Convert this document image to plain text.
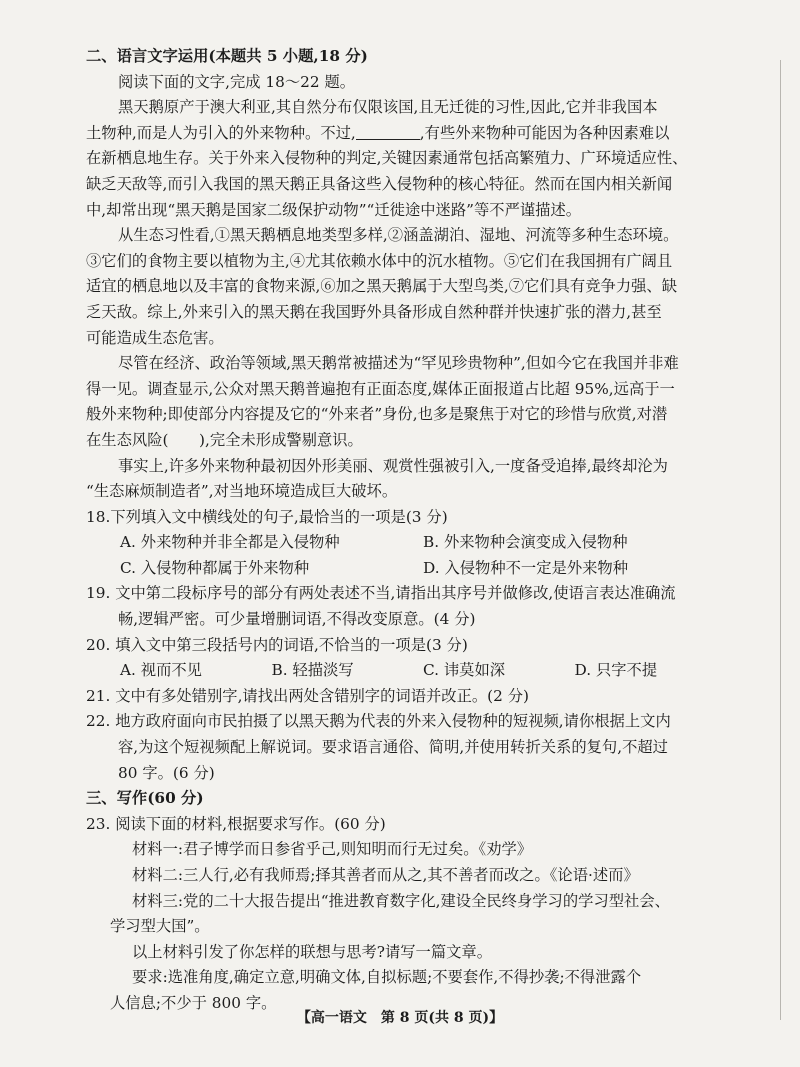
二、语言文字运用(本题共 5 小题,18 分)
阅读下面的文字,完成 18～22 题。
黑天鹅原产于澳大利亚,其自然分布仅限该国,且无迁徙的习性,因此,它并非我国本
土物种,而是人为引入的外来物种。不过,	,有些外来物种可能因为各种因素难以
在新栖息地生存。关于外来入侵物种的判定,关键因素通常包括高繁殖力、广环境适应性、
缺乏天敌等,而引入我国的黑天鹅正具备这些入侵物种的核心特征。然而在国内相关新闻
中,却常出现“黑天鹅是国家二级保护动物”“迁徙途中迷路”等不严谨描述。
从生态习性看,①黑天鹅栖息地类型多样,②涵盖湖泊、湿地、河流等多种生态环境。
③它们的食物主要以植物为主,④尤其依赖水体中的沉水植物。⑤它们在我国拥有广阔且
适宜的栖息地以及丰富的食物来源,⑥加之黑天鹅属于大型鸟类,⑦它们具有竞争力强、缺
乏天敌。综上,外来引入的黑天鹅在我国野外具备形成自然种群并快速扩张的潜力,甚至
可能造成生态危害。
尽管在经济、政治等领域,黑天鹅常被描述为“罕见珍贵物种”,但如今它在我国并非难
得一见。调查显示,公众对黑天鹅普遍抱有正面态度,媒体正面报道占比超 95%,远高于一
般外来物种;即使部分内容提及它的“外来者”身份,也多是聚焦于对它的珍惜与欣赏,对潜
在生态风险(　　),完全未形成警剔意识。
事实上,许多外来物种最初因外形美丽、观赏性强被引入,一度备受追捧,最终却沦为
“生态麻烦制造者”,对当地环境造成巨大破坏。
18.下列填入文中横线处的句子,最恰当的一项是(3 分)
A. 外来物种并非全都是入侵物种	B. 外来物种会演变成入侵物种
C. 入侵物种都属于外来物种	D. 入侵物种不一定是外来物种
19. 文中第二段标序号的部分有两处表述不当,请指出其序号并做修改,使语言表达准确流
畅,逻辑严密。可少量增删词语,不得改变原意。(4 分)
20. 填入文中第三段括号内的词语,不恰当的一项是(3 分)
A. 视而不见	B. 轻描淡写	C. 讳莫如深	D. 只字不提
21. 文中有多处错别字,请找出两处含错别字的词语并改正。(2 分)
22. 地方政府面向市民拍摄了以黑天鹅为代表的外来入侵物种的短视频,请你根据上文内
容,为这个短视频配上解说词。要求语言通俗、简明,并使用转折关系的复句,不超过
80 字。(6 分)
三、写作(60 分)
23. 阅读下面的材料,根据要求写作。(60 分)
材料一:君子博学而日参省乎己,则知明而行无过矣。《劝学》
材料二:三人行,必有我师焉;择其善者而从之,其不善者而改之。《论语·述而》
材料三:党的二十大报告提出“推进教育数字化,建设全民终身学习的学习型社会、
学习型大国”。
以上材料引发了你怎样的联想与思考?请写一篇文章。
要求:选准角度,确定立意,明确文体,自拟标题;不要套作,不得抄袭;不得泄露个
人信息;不少于 800 字。
【高一语文　第 8 页(共 8 页)】
